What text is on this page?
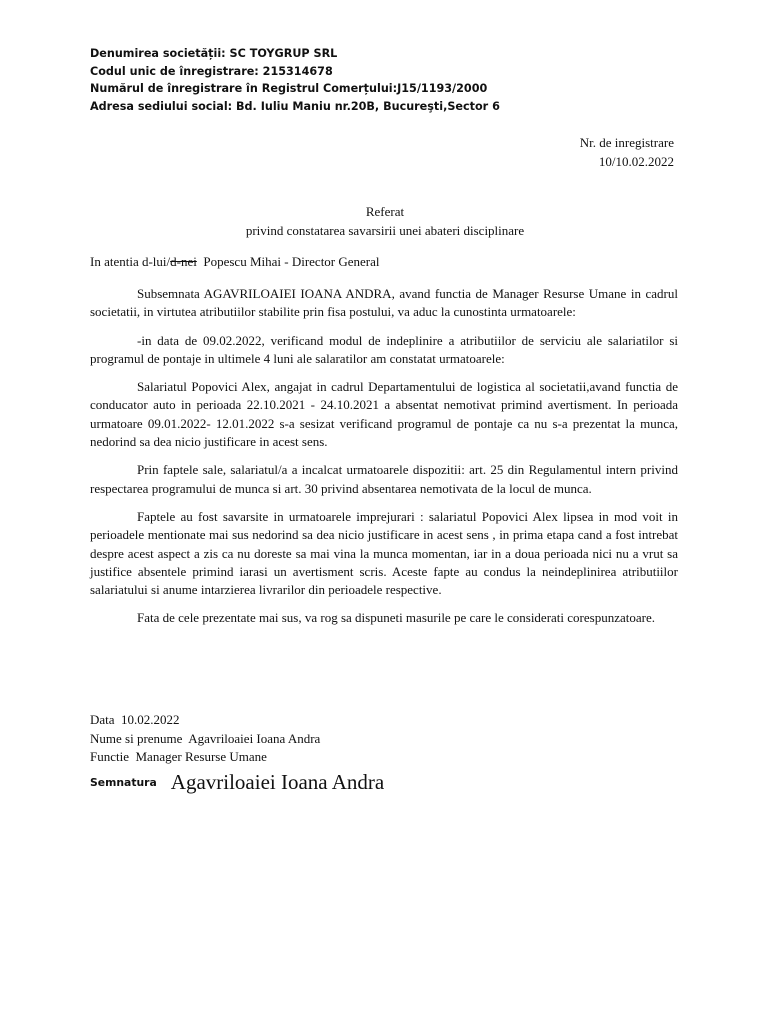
Denumirea societății: SC TOYGRUP SRL
Codul unic de înregistrare: 215314678
Numărul de înregistrare în Registrul Comerțului:J15/1193/2000
Adresa sediului social: Bd. Iuliu Maniu nr.20B, Bucureşti,Sector 6
Nr. de inregistrare
10/10.02.2022
Referat
privind constatarea savarsirii unei abateri disciplinare
In atentia d-lui/d-nei  Popescu Mihai - Director General

Subsemnata AGAVRILOAIEI IOANA ANDRA, avand functia de Manager Resurse Umane in cadrul societatii, in virtutea atributiilor stabilite prin fisa postului, va aduc la cunostinta urmatoarele:

-in data de 09.02.2022, verificand modul de indeplinire a atributiilor de serviciu ale salariatilor si programul de pontaje in ultimele 4 luni ale salaratilor am constatat urmatoarele:

Salariatul Popovici Alex, angajat in cadrul Departamentului de logistica al societatii,avand functia de conducator auto in perioada 22.10.2021 - 24.10.2021 a absentat nemotivat primind avertisment. In perioada urmatoare 09.01.2022- 12.01.2022 s-a sesizat verificand programul de pontaje ca nu s-a prezentat la munca, nedorind sa dea nicio justificare in acest sens.

Prin faptele sale, salariatul/a a incalcat urmatoarele dispozitii: art. 25 din Regulamentul intern privind respectarea programului de munca si art. 30 privind absentarea nemotivata de la locul de munca.

Faptele au fost savarsite in urmatoarele imprejurari : salariatul Popovici Alex lipsea in mod voit in perioadele mentionate mai sus nedorind sa dea nicio justificare in acest sens , in prima etapa cand a fost intrebat despre acest aspect a zis ca nu doreste sa mai vina la munca momentan, iar in a doua perioada nici nu a vrut sa justifice absentele primind iarasi un avertisment scris. Aceste fapte au condus la neindeplinirea atributiilor salariatului si anume intarzierea livrarilor din perioadele respective.

Fata de cele prezentate mai sus, va rog sa dispuneti masurile pe care le considerati corespunzatoare.

Data  10.02.2022
Nume si prenume  Agavriloaiei Ioana Andra
Functie  Manager Resurse Umane
Semnatura Agavriloaiei Ioana Andra
